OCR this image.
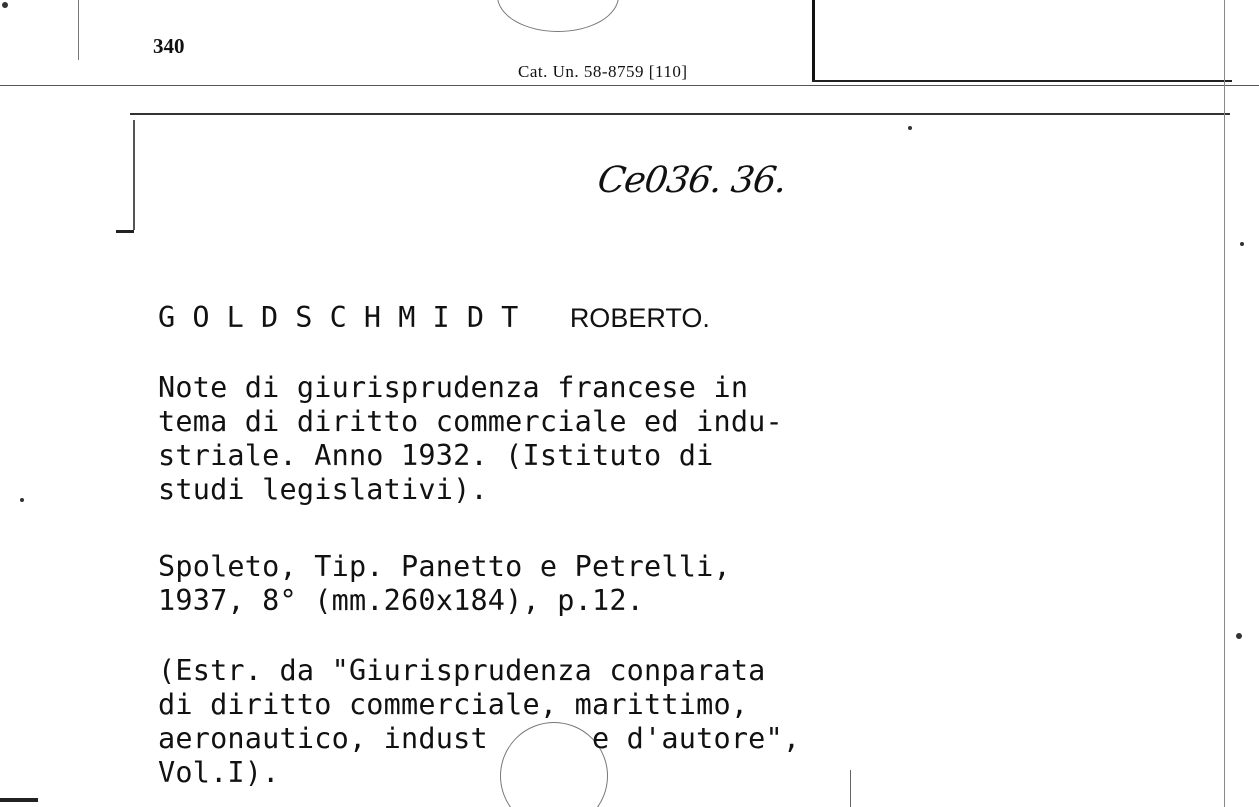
340
Cat. Un. 58-8759 [110]
Ce036. 36.
G O L D S C H M I D T ROBERTO.
Note di giurisprudenza francese in
tema di diritto commerciale ed indu-
striale. Anno 1932. (Istituto di
studi legislativi).
Spoleto, Tip. Panetto e Petrelli,
1937, 8° (mm.260x184), p.12.
(Estr. da "Giurisprudenza conparata
di diritto commerciale, marittimo,
aeronautico, indust      e d'autore",
Vol.I).
